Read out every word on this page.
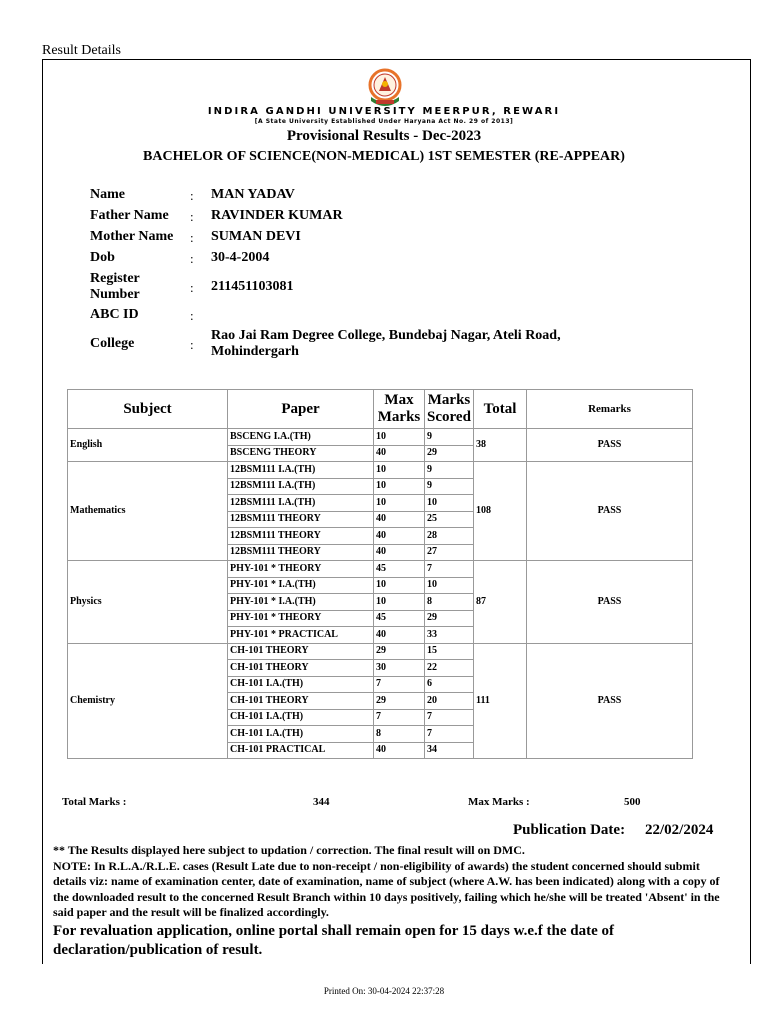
Result Details
INDIRA GANDHI UNIVERSITY MEERPUR, REWARI
[A State University Established Under Haryana Act No. 29 of 2013]
Provisional Results - Dec-2023
BACHELOR OF SCIENCE(NON-MEDICAL) 1ST SEMESTER (RE-APPEAR)
Name	: MAN YADAV
Father Name : RAVINDER KUMAR
Mother Name : SUMAN DEVI
Dob	: 30-4-2004
Register
Number	: 211451103081
ABC ID	:
College	:
Rao Jai Ram Degree College, Bundebaj Nagar, Ateli Road,
Mohindergarh
Subject	Paper	Max
Marks	Marks
Scored	Total	Remarks
English	BSCENG I.A.(TH)	10	9	38	PASS
	BSCENG THEORY	40	29		
Mathematics	12BSM111 I.A.(TH)	10	9	108	PASS
	12BSM111 I.A.(TH)	10	9		
	12BSM111 I.A.(TH)	10	10		
	12BSM111 THEORY	40	25		
	12BSM111 THEORY	40	28		
	12BSM111 THEORY	40	27		
Physics	PHY-101 * THEORY	45	7	87	PASS
	PHY-101 * I.A.(TH)	10	10		
	PHY-101 * I.A.(TH)	10	8		
	PHY-101 * THEORY	45	29		
	PHY-101 * PRACTICAL	40	33		
Chemistry	CH-101 THEORY	29	15	111	PASS
	CH-101 THEORY	30	22		
	CH-101 I.A.(TH)	7	6		
	CH-101 THEORY	29	20		
	CH-101 I.A.(TH)	7	7		
	CH-101 I.A.(TH)	8	7		
	CH-101 PRACTICAL	40	34		
Total Marks :	344	Max Marks :	500
Publication Date: 22/02/2024
** The Results displayed here subject to updation / correction. The final result will on DMC.
NOTE: In R.L.A./R.L.E. cases (Result Late due to non-receipt / non-eligibility of awards) the student concerned should submit details viz: name of examination center, date of examination, name of subject (where A.W. has been indicated) along with a copy of the downloaded result to the concerned Result Branch within 10 days positively, failing which he/she will be treated 'Absent' in the said paper and the result will be finalized accordingly.
For revaluation application, online portal shall remain open for 15 days w.e.f the date of declaration/publication of result.
Printed On: 30-04-2024 22:37:28
